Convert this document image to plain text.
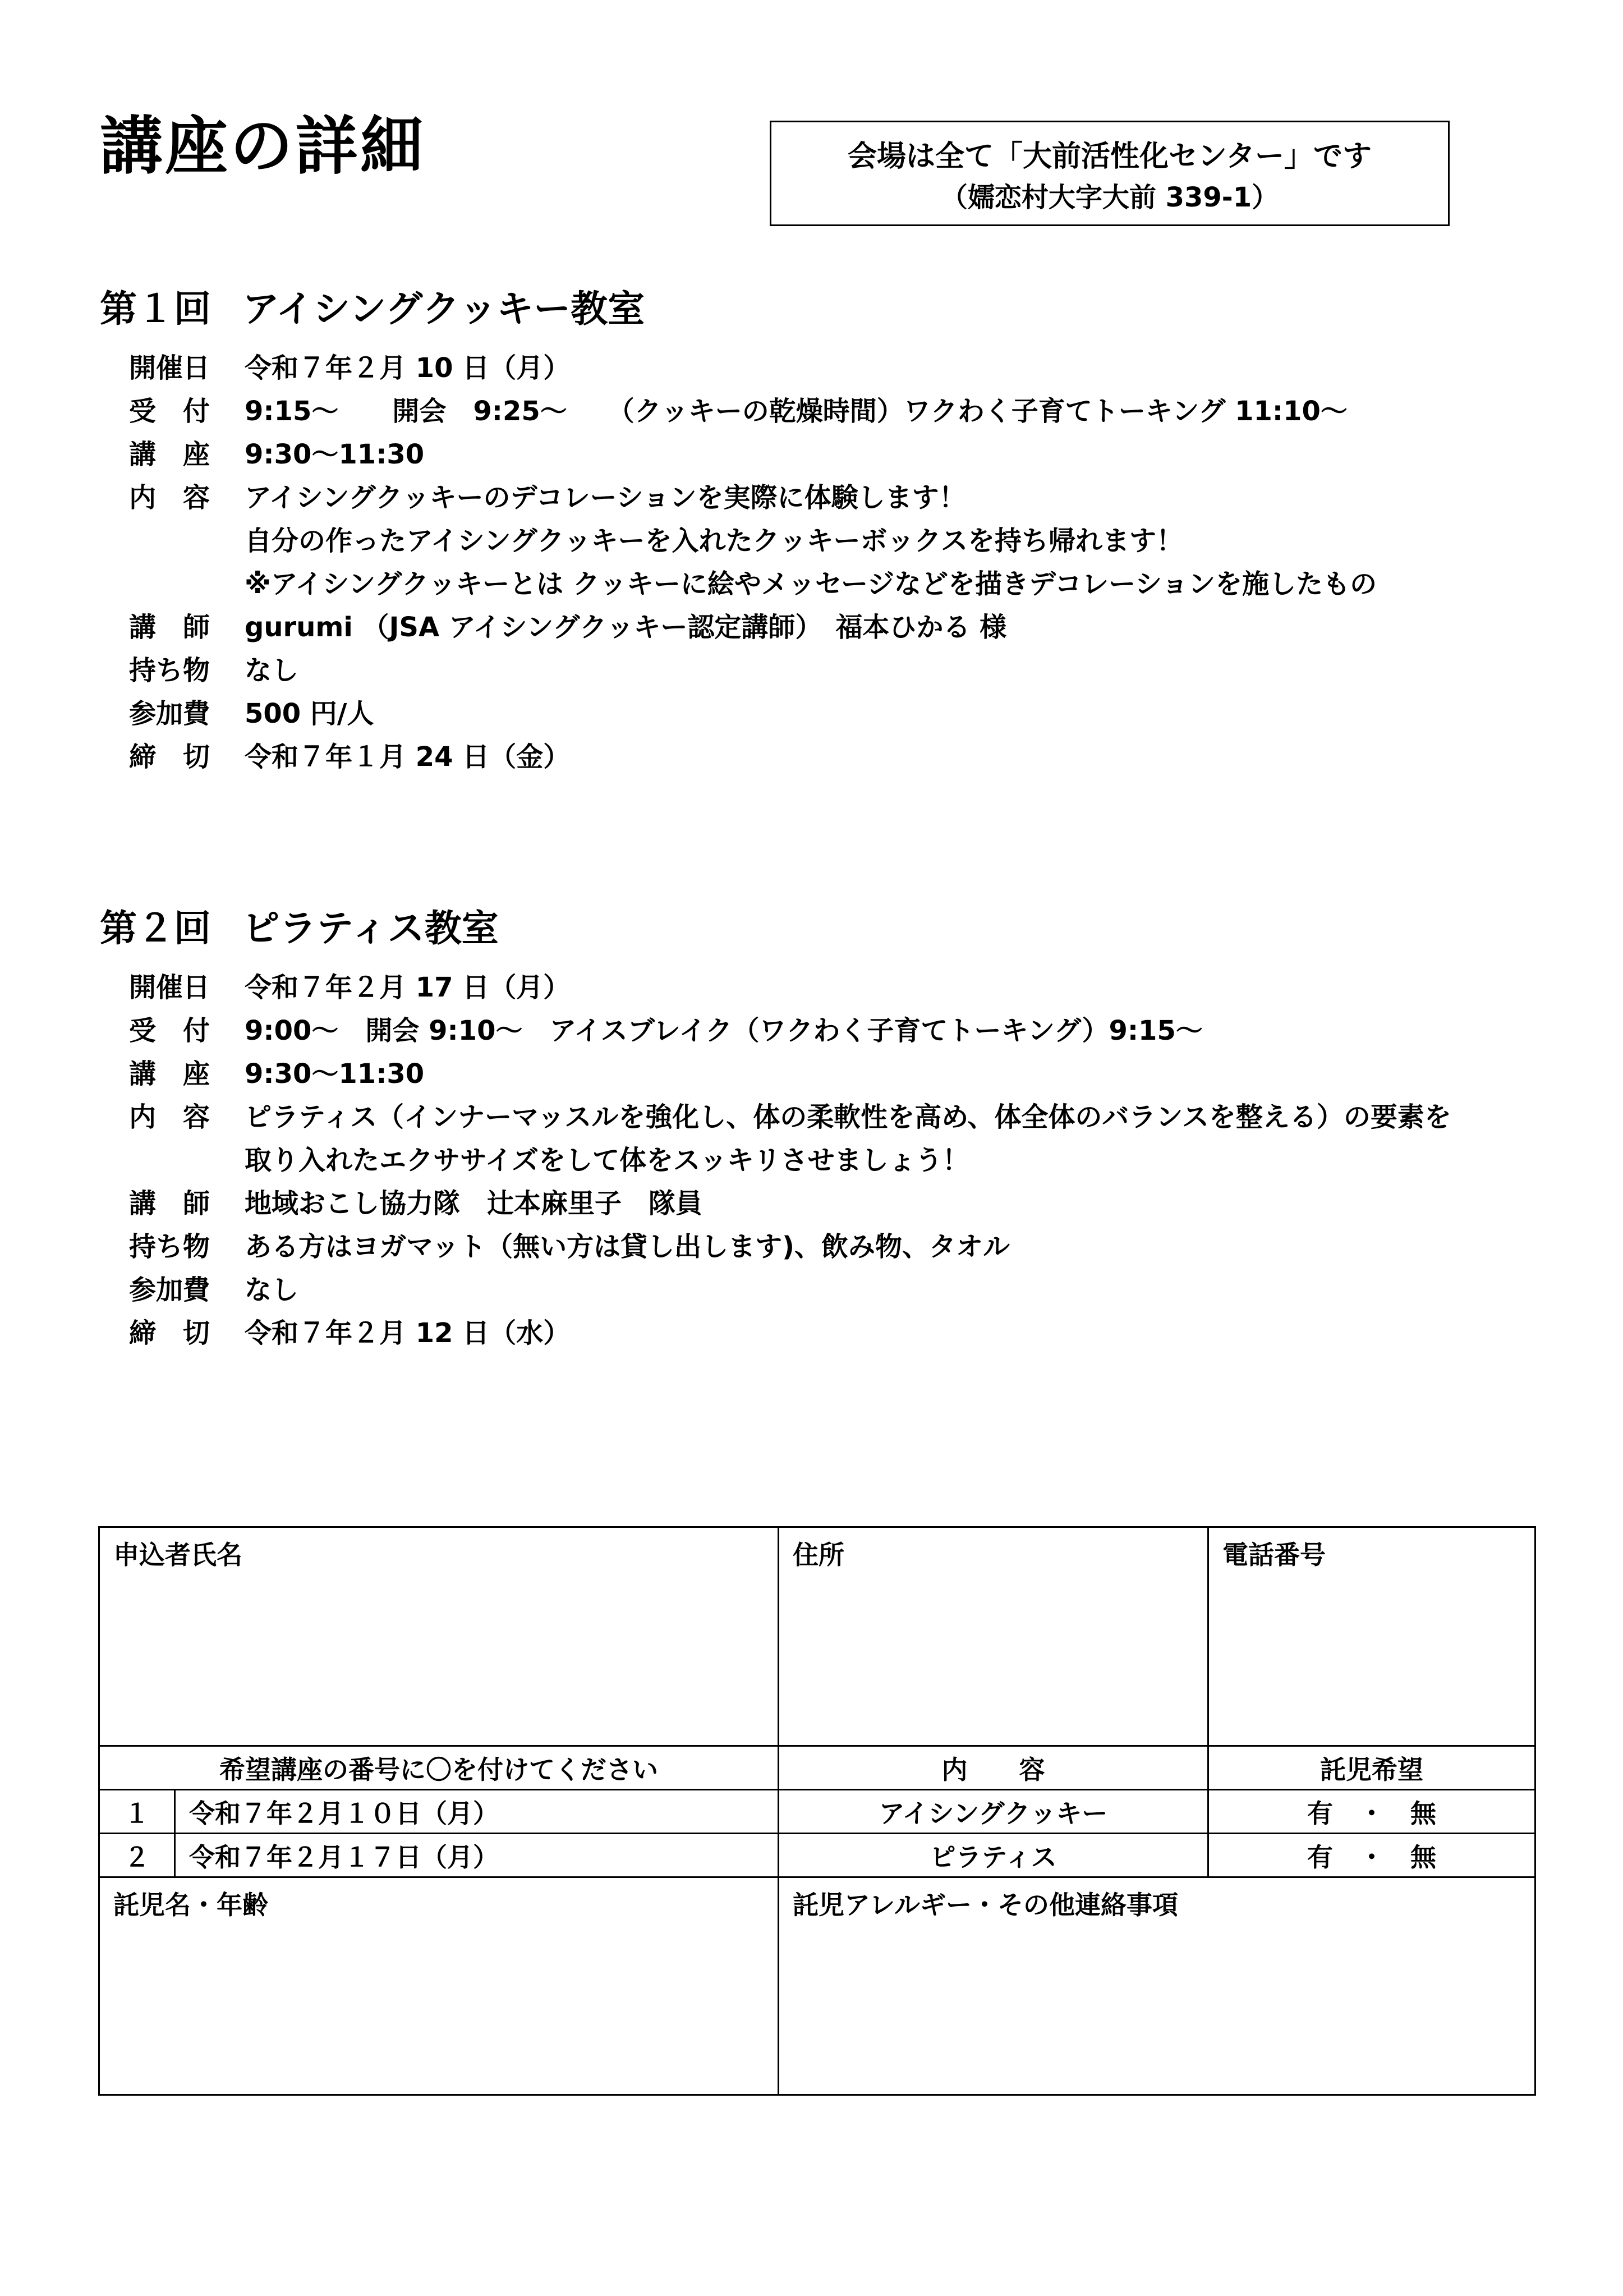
講座の詳細	会場は全て「大前活性化センター」です
（嬬恋村大字大前 339-1）
第１回 アイシングクッキー教室
開催日	令和７年２月 10 日（月）
受　付	9:15～　　開会　9:25～　　（クッキーの乾燥時間）ワクわく子育てトーキング 11:10～
講　座	9:30～11:30
内　容	アイシングクッキーのデコレーションを実際に体験します！
自分の作ったアイシングクッキーを入れたクッキーボックスを持ち帰れます！
※アイシングクッキーとは クッキーに絵やメッセージなどを描きデコレーションを施したもの
講　師	gurumi （JSA アイシングクッキー認定講師）　福本ひかる 様
持ち物	なし
参加費	500 円/人
締　切	令和７年１月 24 日（金）
第２回 ピラティス教室
開催日	令和７年２月 17 日（月）
受　付	9:00～　開会 9:10～　アイスブレイク（ワクわく子育てトーキング）9:15～
講　座	9:30～11:30
内　容	ピラティス（インナーマッスルを強化し、体の柔軟性を高め、体全体のバランスを整える）の要素を
取り入れたエクササイズをして体をスッキリさせましょう！
講　師	地域おこし協力隊　辻本麻里子　隊員
持ち物	ある方はヨガマット（無い方は貸し出します)、飲み物、タオル
参加費	なし
締　切	令和７年２月 12 日（水）
申込者氏名		住所	電話番号
希望講座の番号に〇を付けてください		内　　容	託児希望
１	令和７年２月１０日（月）	アイシングクッキー	有　・　無
２	令和７年２月１７日（月）	ピラティス	有　・　無
託児名・年齢		託児アレルギー・その他連絡事項	
